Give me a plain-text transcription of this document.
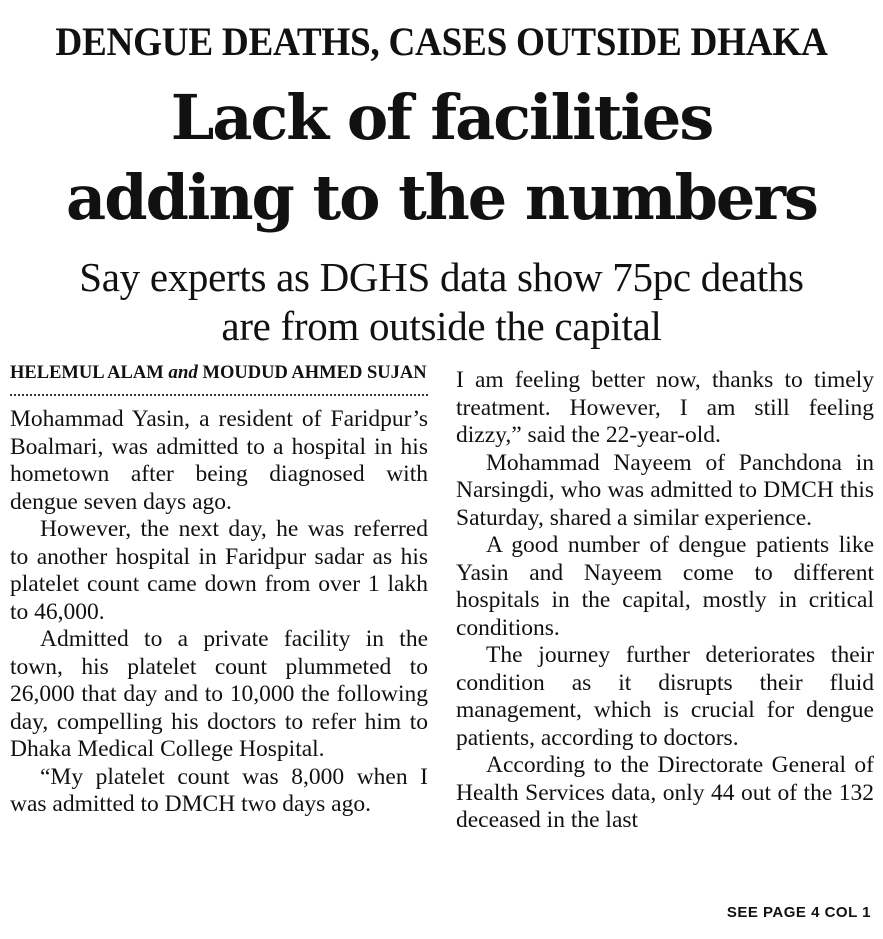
DENGUE DEATHS, CASES OUTSIDE DHAKA
Lack of facilities
adding to the numbers
Say experts as DGHS data show 75pc deaths
are from outside the capital
HELEMUL ALAM and MOUDUD AHMED SUJAN

Mohammad Yasin, a resident of Faridpur’s Boalmari, was admitted to a hospital in his hometown after being diagnosed with dengue seven days ago.

However, the next day, he was referred to another hospital in Faridpur sadar as his platelet count came down from over 1 lakh to 46,000.

Admitted to a private facility in the town, his platelet count plummeted to 26,000 that day and to 10,000 the following day, compelling his doctors to refer him to Dhaka Medical College Hospital.

“My platelet count was 8,000 when I was admitted to DMCH two days ago.

I am feeling better now, thanks to timely treatment. However, I am still feeling dizzy,” said the 22-year-old.

Mohammad Nayeem of Panchdona in Narsingdi, who was admitted to DMCH this Saturday, shared a similar experience.

A good number of dengue patients like Yasin and Nayeem come to different hospitals in the capital, mostly in critical conditions.

The journey further deteriorates their condition as it disrupts their fluid management, which is crucial for dengue patients, according to doctors.

According to the Directorate General of Health Services data, only 44 out of the 132 deceased in the last

SEE PAGE 4 COL 1
